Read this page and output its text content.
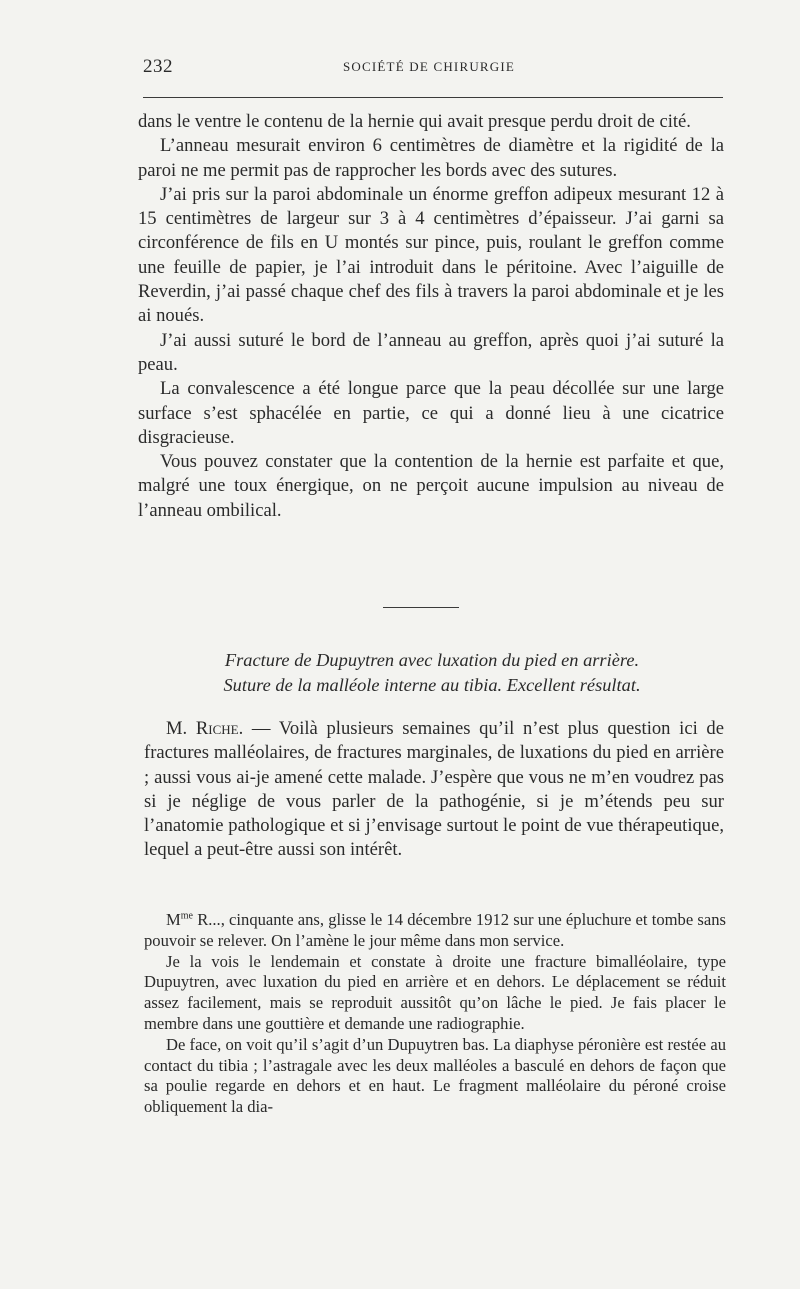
232	SOCIÉTÉ DE CHIRURGIE

dans le ventre le contenu de la hernie qui avait presque perdu droit de cité.

L’anneau mesurait environ 6 centimètres de diamètre et la rigidité de la paroi ne me permit pas de rapprocher les bords avec des sutures.

J’ai pris sur la paroi abdominale un énorme greffon adipeux mesurant 12 à 15 centimètres de largeur sur 3 à 4 centimètres d’épaisseur. J’ai garni sa circonférence de fils en U montés sur pince, puis, roulant le greffon comme une feuille de papier, je l’ai introduit dans le péritoine. Avec l’aiguille de Reverdin, j’ai passé chaque chef des fils à travers la paroi abdominale et je les ai noués.

J’ai aussi suturé le bord de l’anneau au greffon, après quoi j’ai suturé la peau.

La convalescence a été longue parce que la peau décollée sur une large surface s’est sphacélée en partie, ce qui a donné lieu à une cicatrice disgracieuse.

Vous pouvez constater que la contention de la hernie est parfaite et que, malgré une toux énergique, on ne perçoit aucune impulsion au niveau de l’anneau ombilical.

Fracture de Dupuytren avec luxation du pied en arrière.
Suture de la malléole interne au tibia. Excellent résultat.

M. Riche. — Voilà plusieurs semaines qu’il n’est plus question ici de fractures malléolaires, de fractures marginales, de luxations du pied en arrière ; aussi vous ai-je amené cette malade. J’espère que vous ne m’en voudrez pas si je néglige de vous parler de la pathogénie, si je m’étends peu sur l’anatomie pathologique et si j’envisage surtout le point de vue thérapeutique, lequel a peut-être aussi son intérêt.

$M^{me}$ R..., cinquante ans, glisse le 14 décembre 1912 sur une épluchure et tombe sans pouvoir se relever. On l’amène le jour même dans mon service.

Je la vois le lendemain et constate à droite une fracture bimalléolaire, type Dupuytren, avec luxation du pied en arrière et en dehors. Le déplacement se réduit assez facilement, mais se reproduit aussitôt qu’on lâche le pied. Je fais placer le membre dans une gouttière et demande une radiographie.

De face, on voit qu’il s’agit d’un Dupuytren bas. La diaphyse péronière est restée au contact du tibia ; l’astragale avec les deux malléoles a basculé en dehors de façon que sa poulie regarde en dehors et en haut. Le fragment malléolaire du péroné croise obliquement la dia-
